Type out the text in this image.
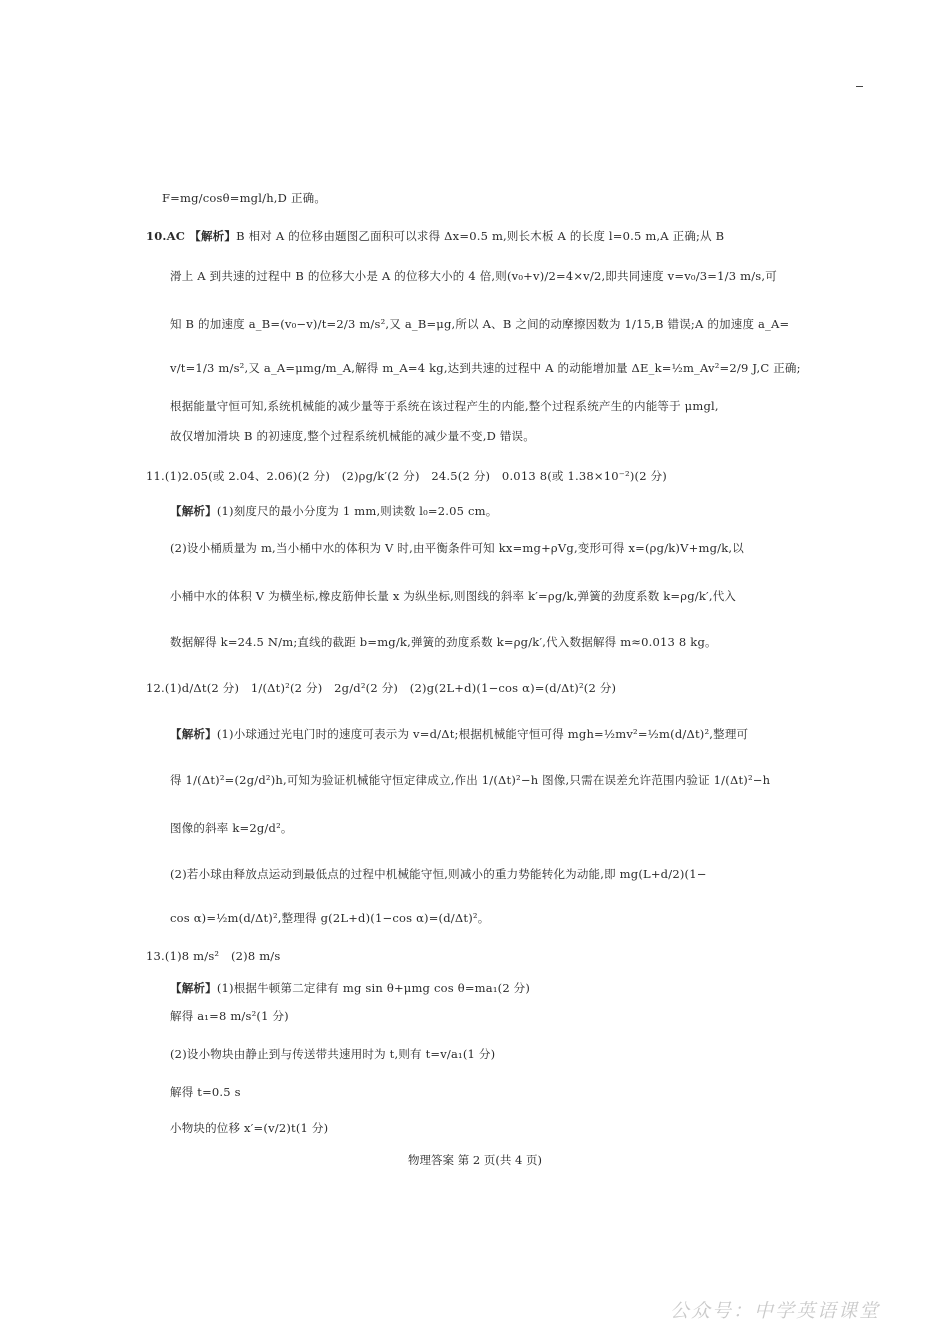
F=mg/cosθ=mgl/h,D 正确。
10.AC 【解析】B 相对 A 的位移由题图乙面积可以求得 Δx=0.5 m,则长木板 A 的长度 l=0.5 m,A 正确;从 B
滑上 A 到共速的过程中 B 的位移大小是 A 的位移大小的 4 倍,则(v₀+v)/2=4×v/2,即共同速度 v=v₀/3=1/3 m/s,可
知 B 的加速度 a_B=(v₀−v)/t=2/3 m/s²,又 a_B=μg,所以 A、B 之间的动摩擦因数为 1/15,B 错误;A 的加速度 a_A=
v/t=1/3 m/s²,又 a_A=μmg/m_A,解得 m_A=4 kg,达到共速的过程中 A 的动能增加量 ΔE_k=½m_Av²=2/9 J,C 正确;
根据能量守恒可知,系统机械能的减少量等于系统在该过程产生的内能,整个过程系统产生的内能等于 μmgl,
故仅增加滑块 B 的初速度,整个过程系统机械能的减少量不变,D 错误。
11.(1)2.05(或 2.04、2.06)(2 分)　(2)ρg/k′(2 分)　24.5(2 分)　0.013 8(或 1.38×10⁻²)(2 分)
【解析】(1)刻度尺的最小分度为 1 mm,则读数 l₀=2.05 cm。
(2)设小桶质量为 m,当小桶中水的体积为 V 时,由平衡条件可知 kx=mg+ρVg,变形可得 x=(ρg/k)V+mg/k,以
小桶中水的体积 V 为横坐标,橡皮筋伸长量 x 为纵坐标,则图线的斜率 k′=ρg/k,弹簧的劲度系数 k=ρg/k′,代入
数据解得 k=24.5 N/m;直线的截距 b=mg/k,弹簧的劲度系数 k=ρg/k′,代入数据解得 m≈0.013 8 kg。
12.(1)d/Δt(2 分)　1/(Δt)²(2 分)　2g/d²(2 分)　(2)g(2L+d)(1−cos α)=(d/Δt)²(2 分)
【解析】(1)小球通过光电门时的速度可表示为 v=d/Δt;根据机械能守恒可得 mgh=½mv²=½m(d/Δt)²,整理可
得 1/(Δt)²=(2g/d²)h,可知为验证机械能守恒定律成立,作出 1/(Δt)²−h 图像,只需在误差允许范围内验证 1/(Δt)²−h
图像的斜率 k=2g/d²。
(2)若小球由释放点运动到最低点的过程中机械能守恒,则减小的重力势能转化为动能,即 mg(L+d/2)(1−
cos α)=½m(d/Δt)²,整理得 g(2L+d)(1−cos α)=(d/Δt)²。
13.(1)8 m/s²　(2)8 m/s
【解析】(1)根据牛顿第二定律有 mg sin θ+μmg cos θ=ma₁(2 分)
解得 a₁=8 m/s²(1 分)
(2)设小物块由静止到与传送带共速用时为 t,则有 t=v/a₁(1 分)
解得 t=0.5 s
小物块的位移 x′=(v/2)t(1 分)
物理答案 第 2 页(共 4 页)
公众号：中学英语课堂
